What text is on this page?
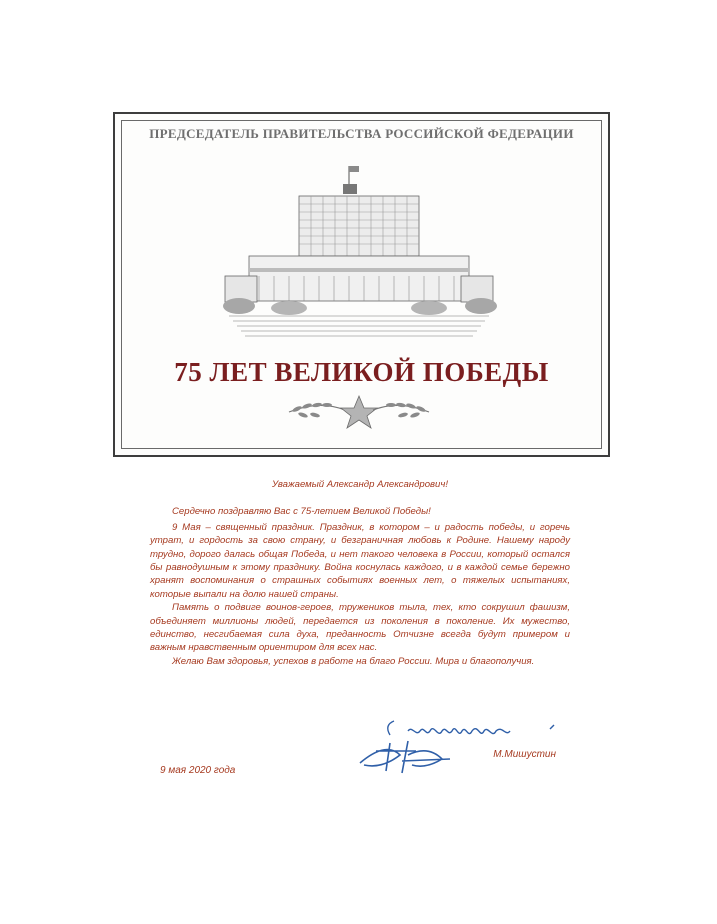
ПРЕДСЕДАТЕЛЬ ПРАВИТЕЛЬСТВА РОССИЙСКОЙ ФЕДЕРАЦИИ
75 ЛЕТ ВЕЛИКОЙ ПОБЕДЫ
Уважаемый Александр Александрович!

Сердечно поздравляю Вас с 75-летием Великой Победы!

9 Мая – священный праздник. Праздник, в котором – и радость победы, и горечь утрат, и гордость за свою страну, и безграничная любовь к Родине. Нашему народу трудно, дорого далась общая Победа, и нет такого человека в России, который остался бы равнодушным к этому празднику. Война коснулась каждого, и в каждой семье бережно хранят воспоминания о страшных событиях военных лет, о тяжелых испытаниях, которые выпали на долю нашей страны.

Память о подвиге воинов-героев, тружеников тыла, тех, кто сокрушил фашизм, объединяет миллионы людей, передается из поколения в поколение. Их мужество, единство, несгибаемая сила духа, преданность Отчизне всегда будут примером и важным нравственным ориентиром для всех нас.

Желаю Вам здоровья, успехов в работе на благо России. Мира и благополучия.

М.Мишустин
9 мая 2020 года
